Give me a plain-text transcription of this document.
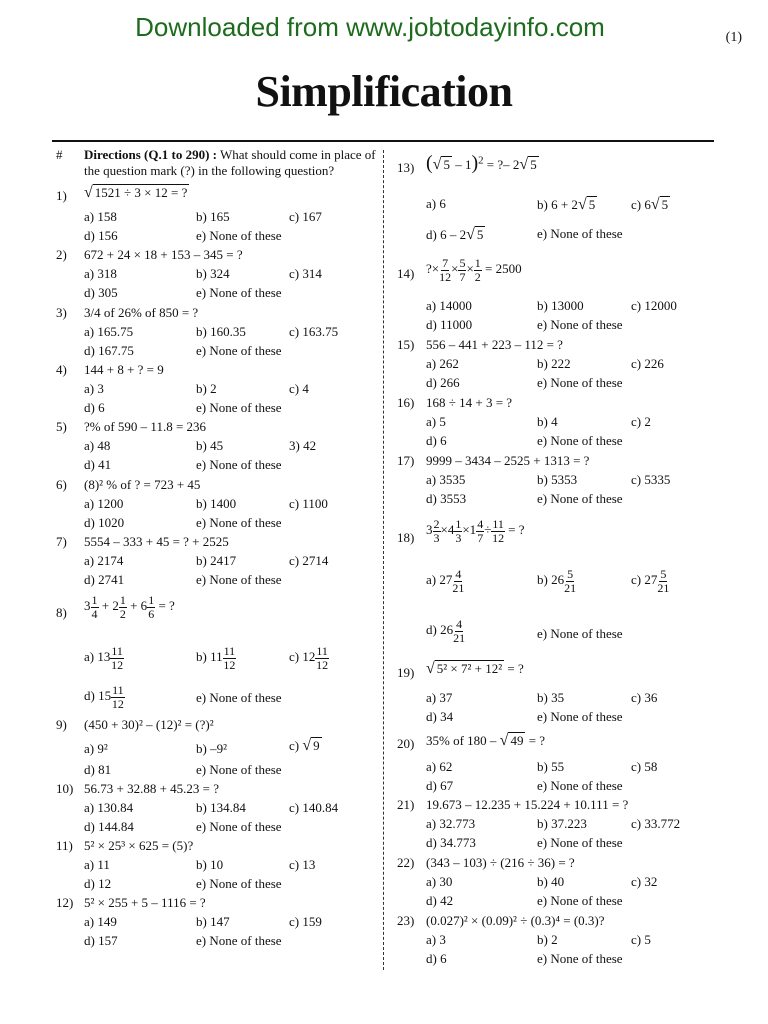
Downloaded from www.jobtodayinfo.com	(1)
Simplification
# Directions (Q.1 to 290) : What should come in place of the question mark (?) in the following question?
1) √ 1521 ÷ 3 × 12 = ?
a) 158	b) 165	c) 167
d) 156	e) None of these
2) 672 + 24 × 18 + 153 – 345 = ?
a) 318	b) 324	c) 314
d) 305	e) None of these
3) 3/4 of 26% of 850 = ?
a) 165.75	b) 160.35	c) 163.75
d) 167.75	e) None of these
4) 144 + 8 + ? = 9
a) 3	b) 2	c) 4
d) 6	e) None of these
5) ?% of 590 – 11.8 = 236
a) 48	b) 45	3) 42
d) 41	e) None of these
6) (8)² % of ? = 723 + 45
a) 1200	b) 1400	c) 1100
d) 1020	e) None of these
7) 5554 – 333 + 45 = ? + 2525
a) 2174	b) 2417	c) 2714
d) 2741	e) None of these
8) $3 \frac{1}{4} + 2 \frac{1}{2} + 6 \frac{1}{6}$ = ?
a) $13 \frac{11}{12}$	b) $11 \frac{11}{12}$	c) $12 \frac{11}{12}$
d) $15 \frac{11}{12}$	e) None of these
9) (450 + 30)² – (12)² = (?)²
a) 9²	b) –9²	c) √ 9
d) 81	e) None of these
10) 56.73 + 32.88 + 45.23 = ?
a) 130.84	b) 134.84	c) 140.84
d) 144.84	e) None of these
11) 5² × 25³ × 625 = (5)?
a) 11	b) 10	c) 13
d) 12	e) None of these
12) 5² × 255 + 5 – 1116 = ?
a) 149	b) 147	c) 159
d) 157	e) None of these
13) (√ 5 – 1)$^2$ = ?– 2√ 5
a) 6	b) 6 + 2√ 5	c) 6√ 5
d) 6 – 2√ 5	e) None of these
14) ?× $\frac{7}{12} \times \frac{5}{7} \times \frac{1}{2} = 2500$
a) 14000	b) 13000	c) 12000
d) 11000	e) None of these
15) 556 – 441 + 223 – 112 = ?
a) 262	b) 222	c) 226
d) 266	e) None of these
16) 168 ÷ 14 + 3 = ?
a) 5	b) 4	c) 2
d) 6	e) None of these
17) 9999 – 3434 – 2525 + 1313 = ?
a) 3535	b) 5353	c) 5335
d) 3553	e) None of these
18)
$3 \frac{2}{3} \times 4 \frac{1}{3} \times 1 \frac{4}{7} \div \frac{11}{12}$ = ?
a) $27 \frac{4}{21}$	b) $26 \frac{5}{21}$	c) $27 \frac{5}{21}$
d) $26 \frac{4}{21}$	e) None of these
19) √ 5² × 7² + 12² = ?
a) 37	b) 35	c) 36
d) 34	e) None of these
20) 35% of 180 – √ 49 = ?
a) 62	b) 55	c) 58
d) 67	e) None of these
21) 19.673 – 12.235 + 15.224 + 10.111 = ?
a) 32.773	b) 37.223	c) 33.772
d) 34.773	e) None of these
22) (343 – 103) ÷ (216 ÷ 36) = ?
a) 30	b) 40	c) 32
d) 42	e) None of these
23) (0.027)² × (0.09)² ÷ (0.3)⁴ = (0.3)?
a) 3	b) 2	c) 5
d) 6	e) None of these
